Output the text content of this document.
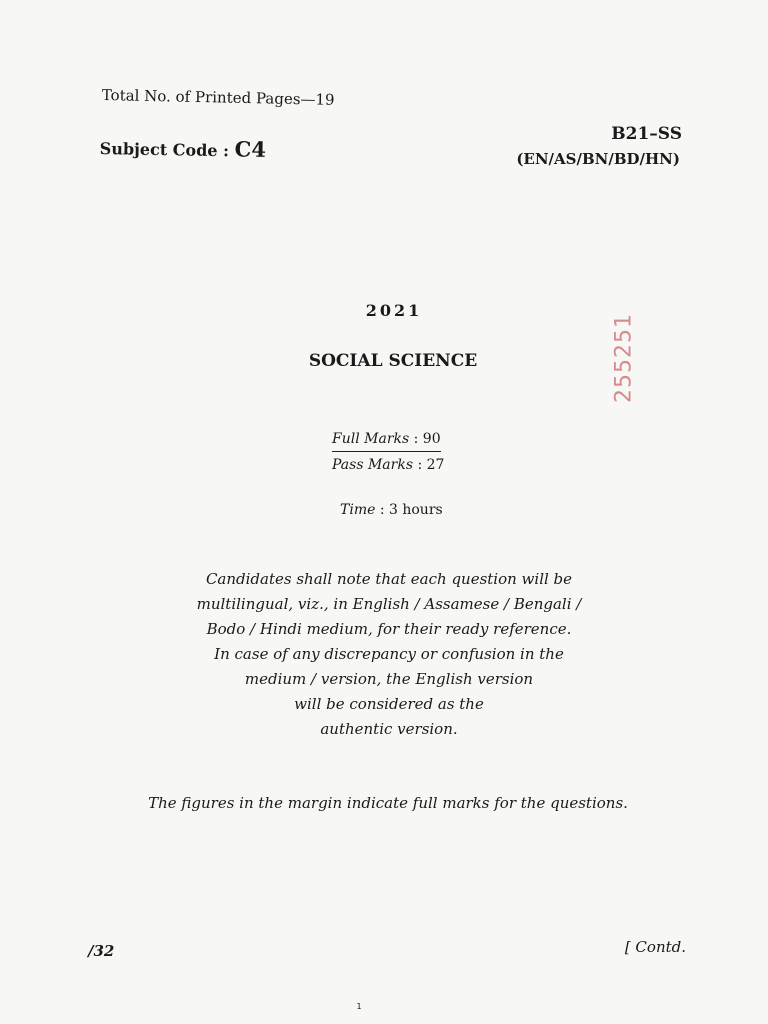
Total No. of Printed Pages—19
Subject Code : C4
B21–SS
(EN/AS/BN/BD/HN)
2021
SOCIAL SCIENCE	255251
Full Marks : 90
Pass Marks : 27
Time : 3 hours
Candidates shall note that each question will be
multilingual, viz., in English / Assamese / Bengali /
Bodo / Hindi medium, for their ready reference.
In case of any discrepancy or confusion in the
medium / version, the English version
will be considered as the
authentic version.
The figures in the margin indicate full marks for the questions.
/32	[ Contd.
1
